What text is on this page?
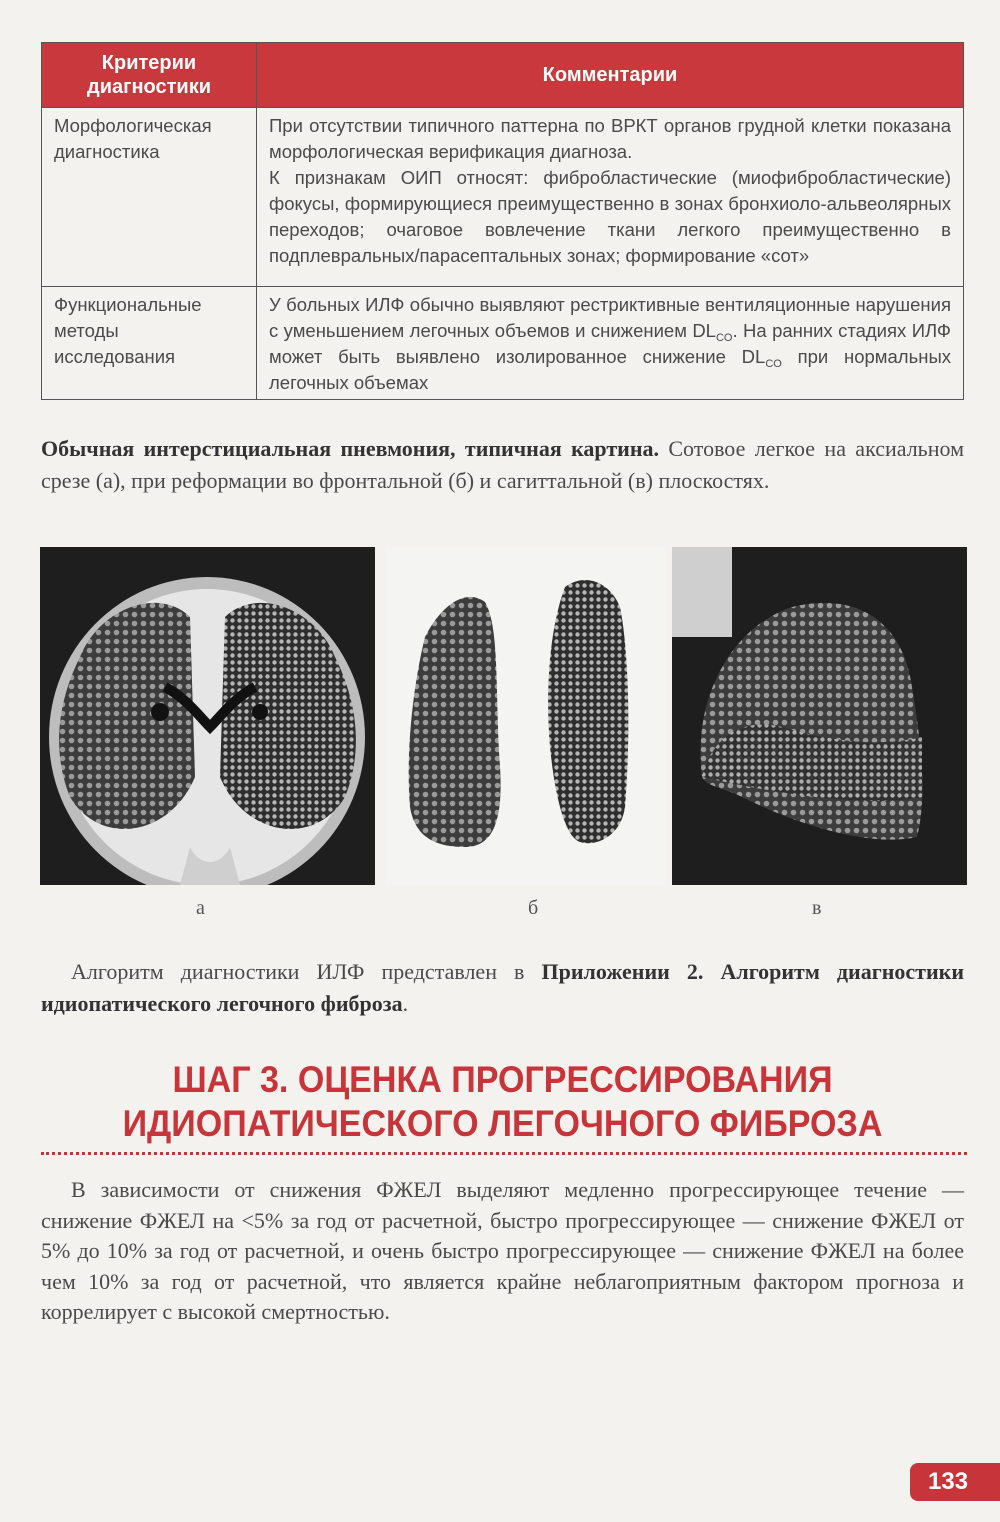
Критерии диагностики	Комментарии
Морфологическая диагностика	При отсутствии типичного паттерна по ВРКТ органов грудной клетки показана морфологическая верификация диагноза.
К признакам ОИП относят: фибробластические (миофибробластические) фокусы, формирующиеся преимущественно в зонах бронхиоло-альвеолярных переходов; очаговое вовлечение ткани легкого преимущественно в подплевральных/парасептальных зонах; формирование «сот»

Функциональные методы исследования	У больных ИЛФ обычно выявляют рестриктивные вентиляционные нарушения с уменьшением легочных объемов и снижением $DL_{CO}$. На ранних стадиях ИЛФ может быть выявлено изолированное снижение $DL_{CO}$ при нормальных легочных объемах

Обычная интерстициальная пневмония, типичная картина. Сотовое легкое на аксиальном срезе (а), при реформации во фронтальной (б) и сагиттальной (в) плоскостях.

а	б	в

Алгоритм диагностики ИЛФ представлен в Приложении 2. Алгоритм диагностики идиопатического легочного фиброза.

ШАГ 3. ОЦЕНКА ПРОГРЕССИРОВАНИЯ
ИДИОПАТИЧЕСКОГО ЛЕГОЧНОГО ФИБРОЗА

В зависимости от снижения ФЖЕЛ выделяют медленно прогрессирующее течение — снижение ФЖЕЛ на <5% за год от расчетной, быстро прогрессирующее — снижение ФЖЕЛ от 5% до 10% за год от расчетной, и очень быстро прогрессирующее — снижение ФЖЕЛ на более чем 10% за год от расчетной, что является крайне неблагоприятным фактором прогноза и коррелирует с высокой смертностью.

133
